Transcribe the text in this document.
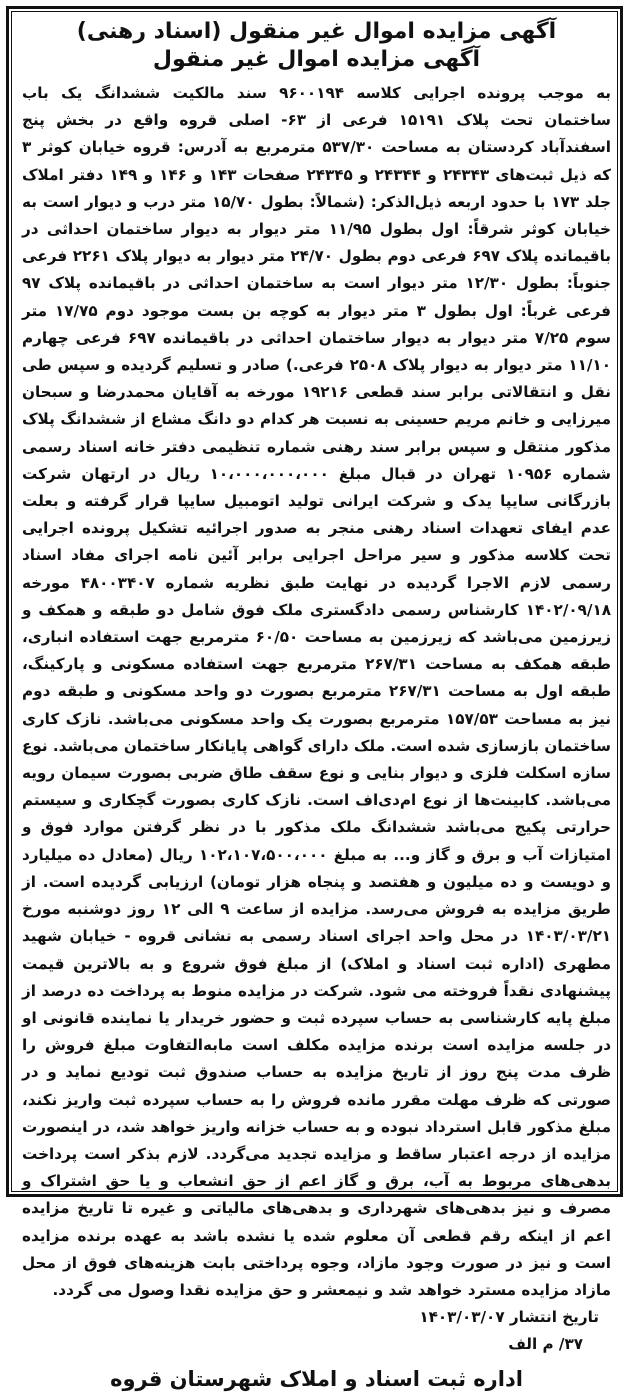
آگهی مزایده اموال غیر منقول (اسناد رهنی)
آگهی مزایده اموال غیر منقول

به موجب پرونده اجرایی کلاسه ۹۶۰۰۱۹۴ سند مالکیت ششدانگ یک باب ساختمان تحت پلاک ۱۵۱۹۱ فرعی از ۶۳- اصلی قروه واقع در بخش پنج اسفندآباد کردستان به مساحت ۵۳۷/۳۰ مترمربع به آدرس: قروه خیابان کوثر ۳ که ذیل ثبت‌های ۲۴۳۴۳ و ۲۴۳۴۴ و ۲۴۳۴۵ صفحات ۱۴۳ و ۱۴۶ و ۱۴۹ دفتر املاک جلد ۱۷۳ با حدود اربعه ذیل‌الذکر: (شمالاً: بطول ۱۵/۷۰ متر درب و دیوار است به خیابان کوثر شرقاً: اول بطول ۱۱/۹۵ متر دیوار به دیوار ساختمان احداثی در باقیمانده پلاک ۶۹۷ فرعی دوم بطول ۲۴/۷۰ متر دیوار به دیوار پلاک ۲۲۶۱ فرعی جنوباً: بطول ۱۲/۳۰ متر دیوار است به ساختمان احداثی در باقیمانده پلاک ۹۷ فرعی غرباً: اول بطول ۳ متر دیوار به کوچه بن بست موجود دوم ۱۷/۷۵ متر سوم ۷/۲۵ متر دیوار به دیوار ساختمان احداثی در باقیمانده ۶۹۷ فرعی چهارم ۱۱/۱۰ متر دیوار به دیوار پلاک ۲۵۰۸ فرعی.) صادر و تسلیم گردیده و سپس طی نقل و انتقالاتی برابر سند قطعی ۱۹۲۱۶ مورخه به آقایان محمدرضا و سبحان میرزایی و خانم مریم حسینی به نسبت هر کدام دو دانگ مشاع از ششدانگ پلاک مذکور منتقل و سپس برابر سند رهنی شماره تنظیمی دفتر خانه اسناد رسمی شماره ۱۰۹۵۶ تهران در قبال مبلغ ۱۰،۰۰۰،۰۰۰،۰۰۰ ریال در ارتهان شرکت بازرگانی سایپا یدک و شرکت ایرانی تولید اتومبیل سایپا قرار گرفته و بعلت عدم ایفای تعهدات اسناد رهنی منجر به صدور اجرائیه تشکیل پرونده اجرایی تحت کلاسه مذکور و سیر مراحل اجرایی برابر آئین نامه اجرای مفاد اسناد رسمی لازم الاجرا گردیده در نهایت طبق نظریه شماره ۴۸۰۰۳۴۰۷ مورخه ۱۴۰۲/۰۹/۱۸ کارشناس رسمی دادگستری ملک فوق شامل دو طبقه و همکف و زیرزمین می‌باشد که زیرزمین به مساحت ۶۰/۵۰ مترمربع جهت استفاده انباری، طبقه همکف به مساحت ۲۶۷/۳۱ مترمربع جهت استفاده مسکونی و پارکینگ، طبقه اول به مساحت ۲۶۷/۳۱ مترمربع بصورت دو واحد مسکونی و طبقه دوم نیز به مساحت ۱۵۷/۵۳ مترمربع بصورت یک واحد مسکونی می‌باشد. نازک کاری ساختمان بازسازی شده است. ملک دارای گواهی پایانکار ساختمان می‌باشد. نوع سازه اسکلت فلزی و دیوار بنایی و نوع سقف طاق ضربی بصورت سیمان رویه می‌باشد. کابینت‌ها از نوع ام‌دی‌اف است. نازک کاری بصورت گچکاری و سیستم حرارتی پکیج می‌باشد ششدانگ ملک مذکور با در نظر گرفتن موارد فوق و امتیازات آب و برق و گاز و... به مبلغ ۱۰۲،۱۰۷،۵۰۰،۰۰۰ ریال (معادل ده میلیارد و دویست و ده میلیون و هفتصد و پنجاه هزار تومان) ارزیابی گردیده است. از طریق مزایده به فروش می‌رسد. مزایده از ساعت ۹ الی ۱۲ روز دوشنبه مورخ ۱۴۰۳/۰۳/۲۱ در محل واحد اجرای اسناد رسمی به نشانی قروه - خیابان شهید مطهری (اداره ثبت اسناد و املاک) از مبلغ فوق شروع و به بالاترین قیمت پیشنهادی نقداً فروخته می شود. شرکت در مزایده منوط به پرداخت ده درصد از مبلغ پایه کارشناسی به حساب سپرده ثبت و حضور خریدار یا نماینده قانونی او در جلسه مزایده است برنده مزایده مکلف است مابه‌التفاوت مبلغ فروش را ظرف مدت پنج روز از تاریخ مزایده به حساب صندوق ثبت تودیع نماید و در صورتی که ظرف مهلت مقرر مانده فروش را به حساب سپرده ثبت واریز نکند، مبلغ مذکور قابل استرداد نبوده و به حساب خزانه واریز خواهد شد، در اینصورت مزایده از درجه اعتبار ساقط و مزایده تجدید می‌گردد. لازم بذکر است پرداخت بدهی‌های مربوط به آب، برق و گاز اعم از حق انشعاب و یا حق اشتراک و مصرف و نیز بدهی‌های شهرداری و بدهی‌های مالیاتی و غیره تا تاریخ مزایده اعم از اینکه رقم قطعی آن معلوم شده یا نشده باشد به عهده برنده مزایده است و نیز در صورت وجود مازاد، وجوه پرداختی بابت هزینه‌های فوق از محل مازاد مزایده مسترد خواهد شد و نیمعشر و حق مزایده نقدا وصول می گردد.

تاریخ انتشار ۱۴۰۳/۰۳/۰۷

۳۷/ م الف

اداره ثبت اسناد و املاک شهرستان قروه
